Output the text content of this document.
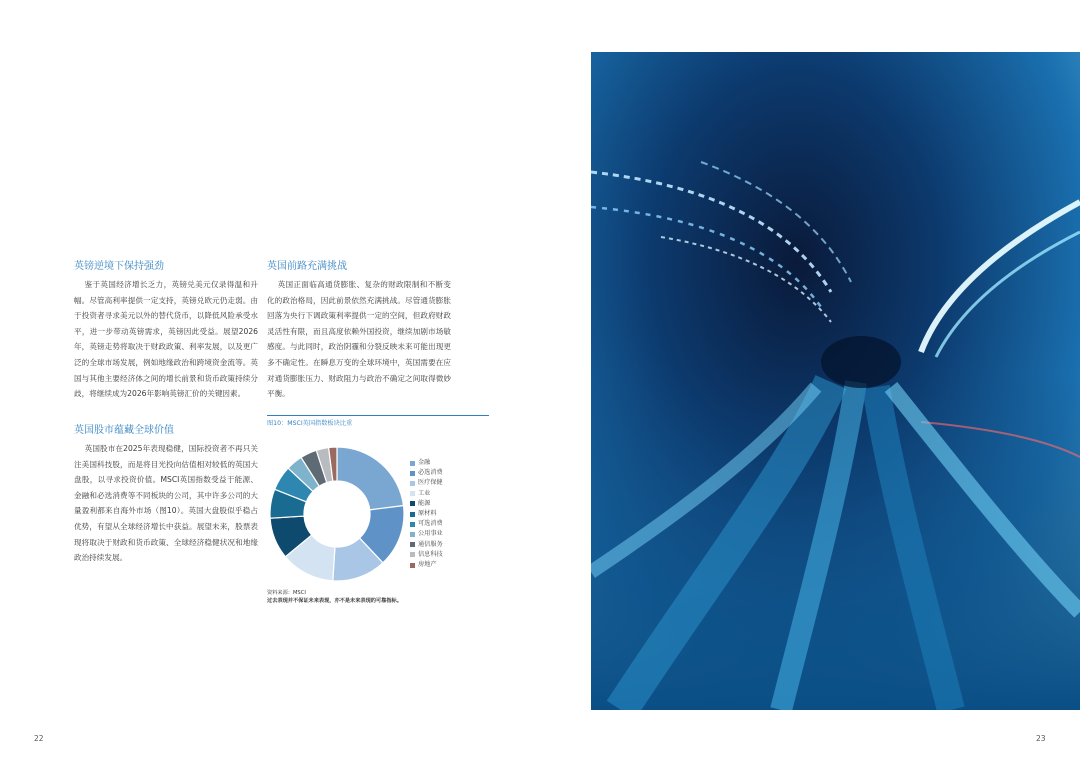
英镑逆境下保持强劲

鉴于英国经济增长乏力，英镑兑美元仅录得温和升幅。尽管高利率提供一定支持，英镑兑欧元仍走弱。由于投资者寻求美元以外的替代货币，以降低风险承受水平，进一步带动英镑需求，英镑因此受益。展望2026年，英镑走势将取决于财政政策、利率发展，以及更广泛的全球市场发展，例如地缘政治和跨境资金流等。英国与其他主要经济体之间的增长前景和货币政策持续分歧，将继续成为2026年影响英镑汇价的关键因素。

英国股市蕴藏全球价值

英国股市在2025年表现稳健，国际投资者不再只关注美国科技股，而是将目光投向估值相对较低的英国大盘股，以寻求投资价值。MSCI英国指数受益于能源、金融和必选消费等不同板块的公司，其中许多公司的大量盈利都来自海外市场（图10）。英国大盘股似乎稳占优势，有望从全球经济增长中获益。展望未来，股票表现将取决于财政和货币政策、全球经济稳健状况和地缘政治持续发展。

英国前路充满挑战

英国正面临高通货膨胀、复杂的财政限制和不断变化的政治格局，因此前景依然充满挑战。尽管通货膨胀回落为央行下调政策利率提供一定的空间，但政府财政灵活性有限，而且高度依赖外国投资，继续加剧市场敏感度。与此同时，政治阴霾和分裂反映未来可能出现更多不确定性。在瞬息万变的全球环境中，英国需要在应对通货膨胀压力、财政阻力与政治不确定之间取得微妙平衡。

图10：MSCI英国指数板块比重
金融
必选消费
医疗保健
工业
能源
原材料
可选消费
公用事业
通信服务
信息科技
房地产
资料来源：MSCI
过去表现并不保证未来表现，亦不是未来表现的可靠指标。
22	23
